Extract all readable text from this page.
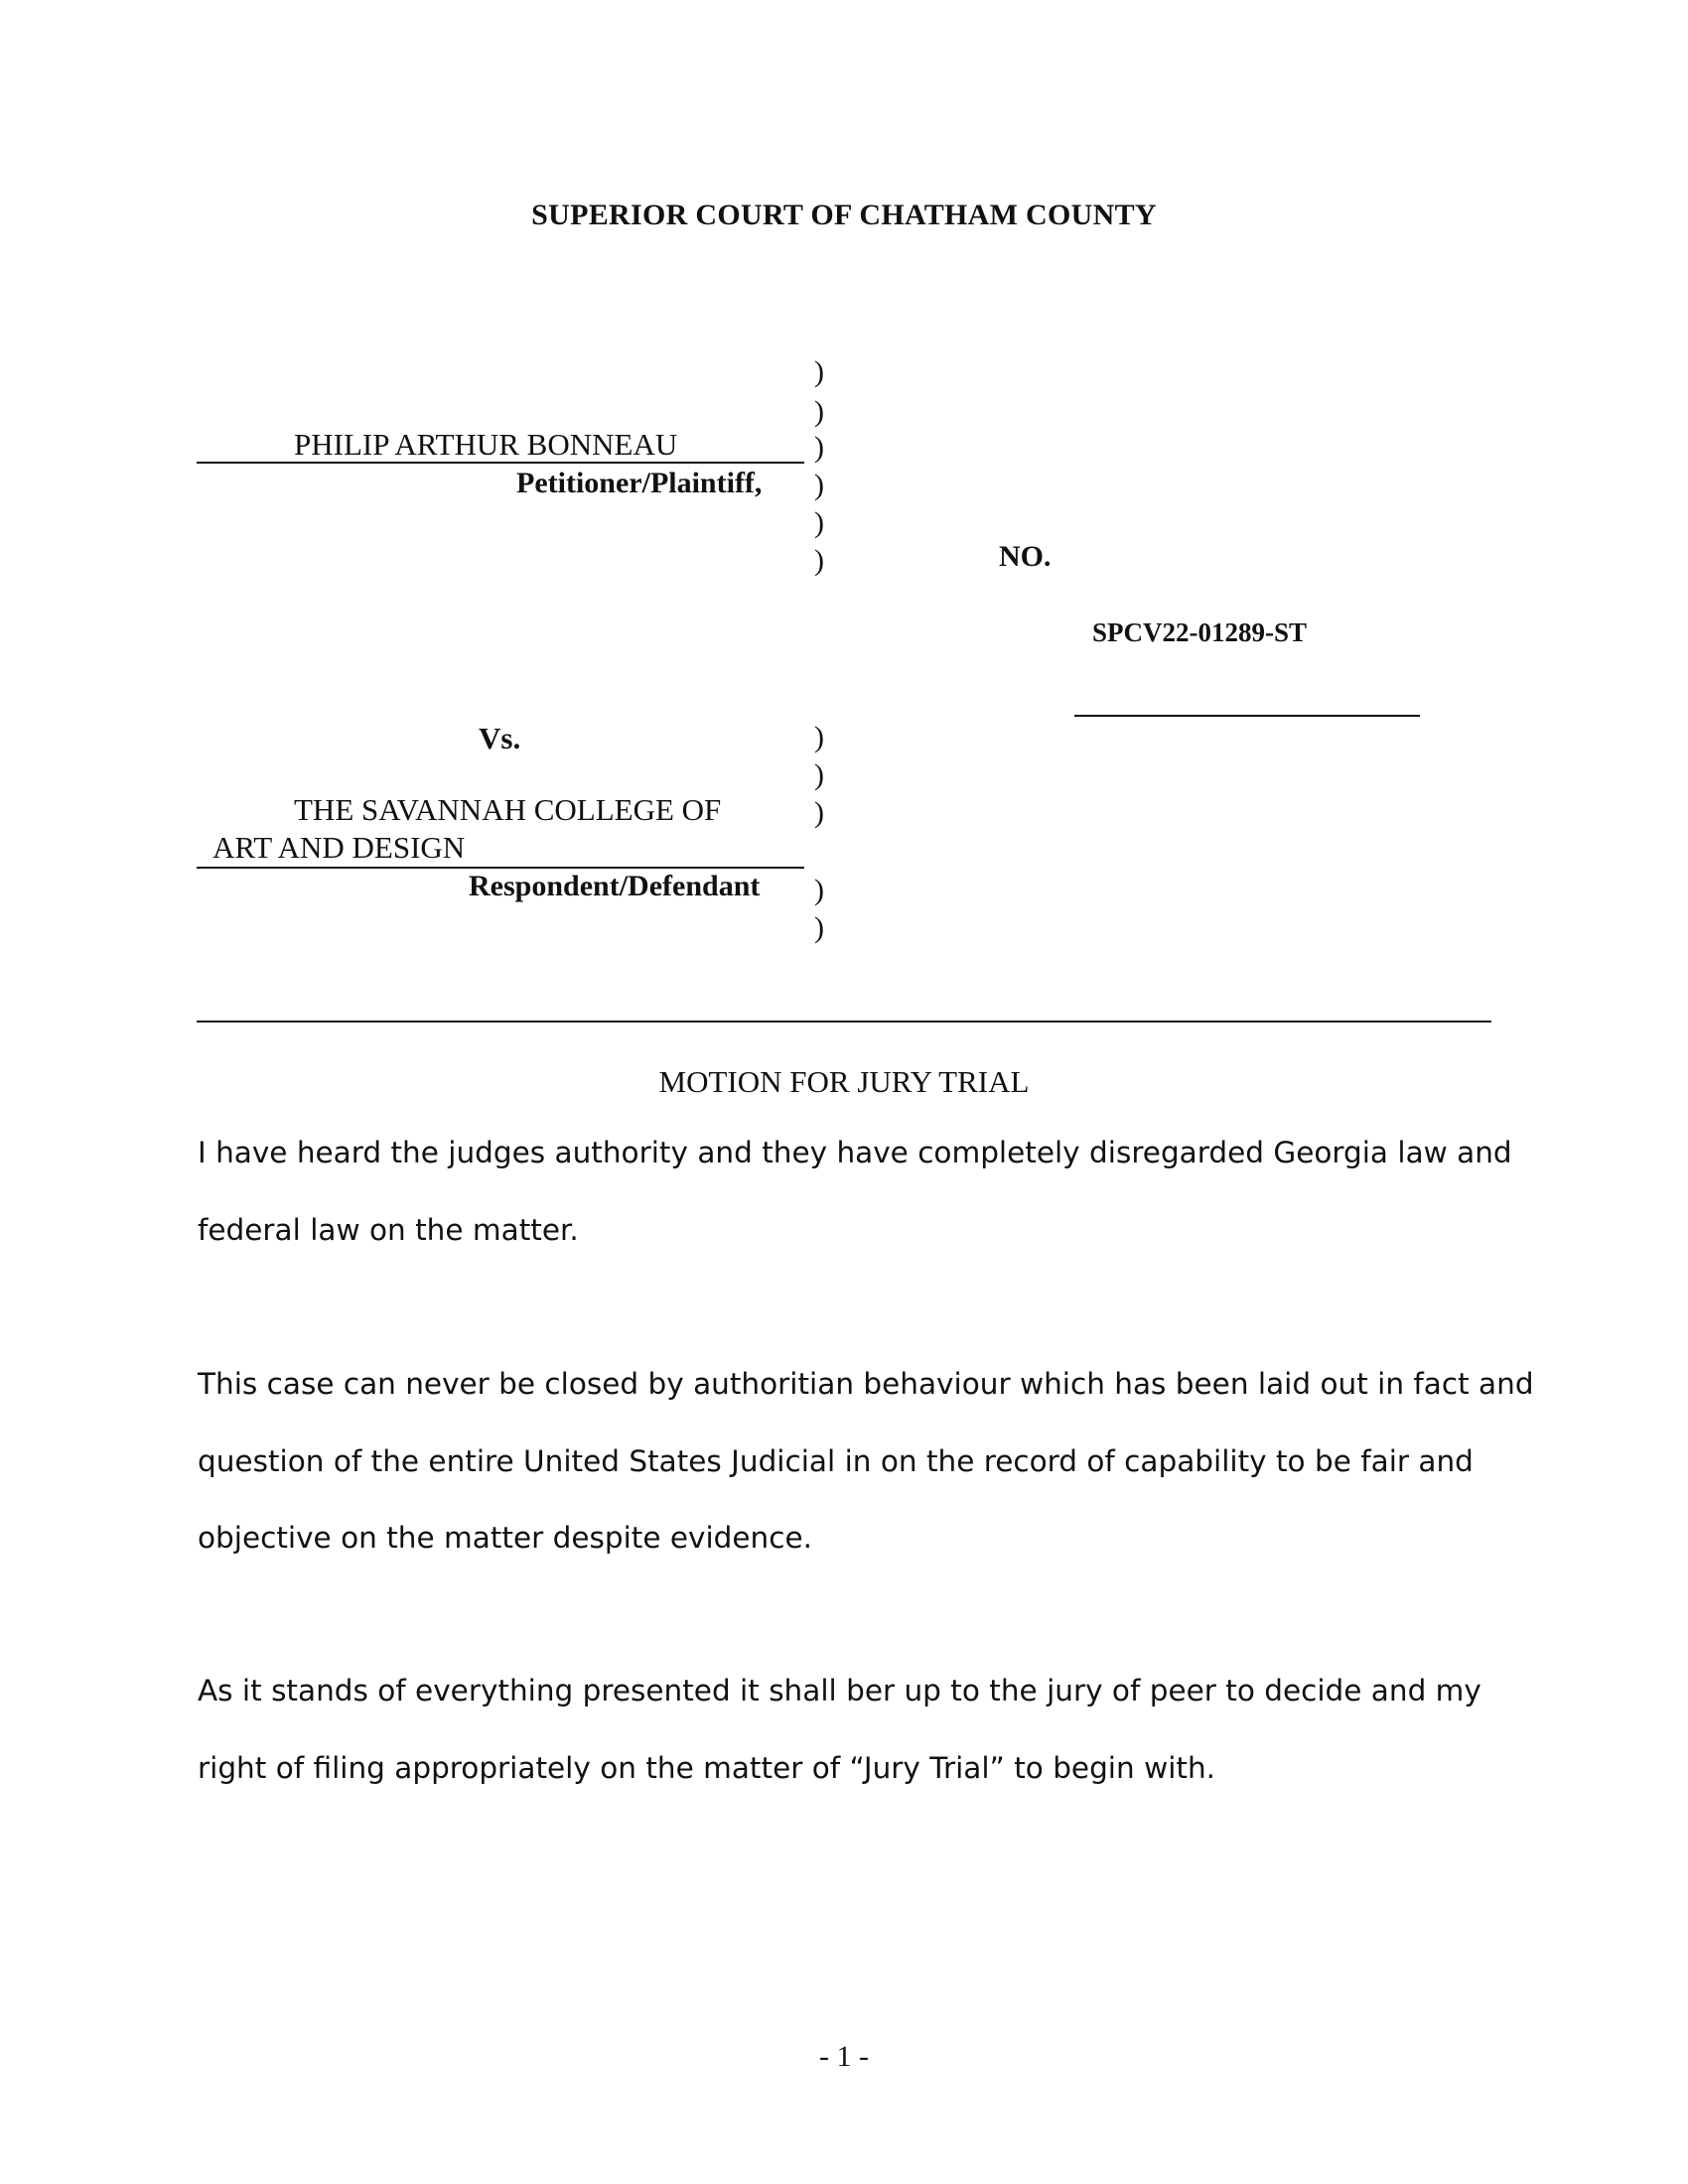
SUPERIOR COURT OF CHATHAM COUNTY
)
)
)
)
)
)
PHILIP ARTHUR BONNEAU
Petitioner/Plaintiff,
NO.
SPCV22-01289-ST
Vs.	)
)
)
)
)
THE SAVANNAH COLLEGE OF
ART AND DESIGN
Respondent/Defendant
MOTION FOR JURY TRIAL
I have heard the judges authority and they have completely disregarded Georgia law and
federal law on the matter.
This case can never be closed by authoritian behaviour which has been laid out in fact and
question of the entire United States Judicial in on the record of capability to be fair and
objective on the matter despite evidence.
As it stands of everything presented it shall ber up to the jury of peer to decide and my
right of filing appropriately on the matter of “Jury Trial” to begin with.
- 1 -
